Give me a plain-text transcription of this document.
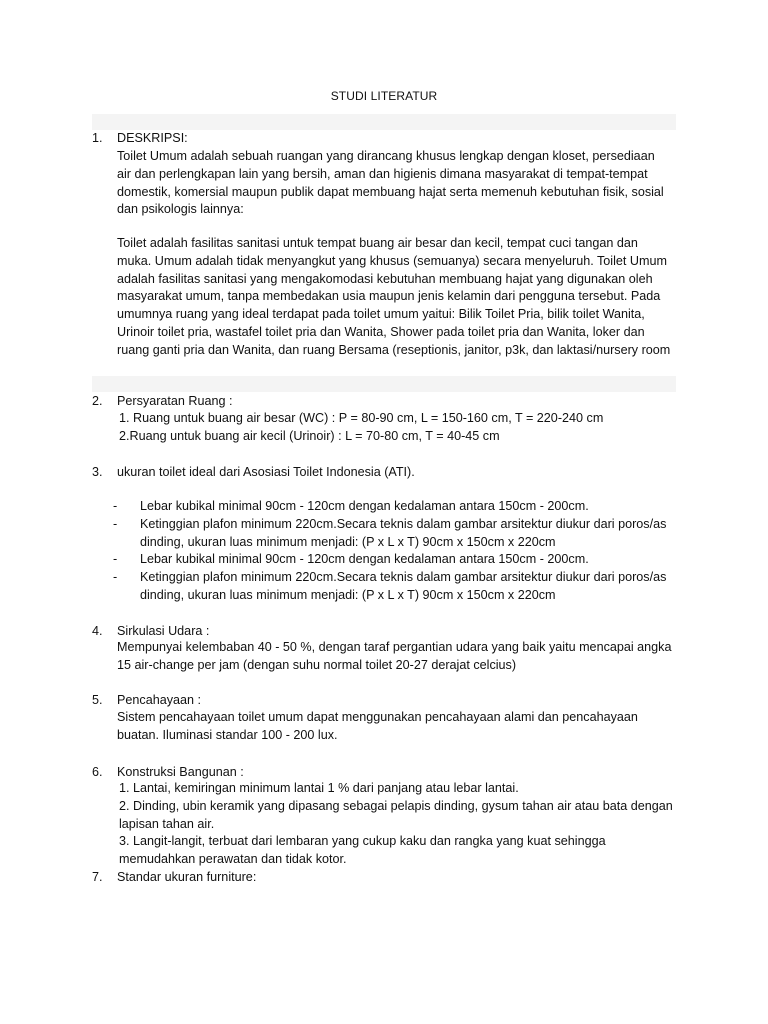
STUDI LITERATUR
1. DESKRIPSI:

Toilet Umum adalah sebuah ruangan yang dirancang khusus lengkap dengan kloset, persediaan air dan perlengkapan lain yang bersih, aman dan higienis dimana masyarakat di tempat-tempat domestik, komersial maupun publik dapat membuang hajat serta memenuh kebutuhan fisik, sosial dan psikologis lainnya:

Toilet adalah fasilitas sanitasi untuk tempat buang air besar dan kecil, tempat cuci tangan dan muka. Umum adalah tidak menyangkut yang khusus (semuanya) secara menyeluruh. Toilet Umum adalah fasilitas sanitasi yang mengakomodasi kebutuhan membuang hajat yang digunakan oleh masyarakat umum, tanpa membedakan usia maupun jenis kelamin dari pengguna tersebut. Pada umumnya ruang yang ideal terdapat pada toilet umum yaitui: Bilik Toilet Pria, bilik toilet Wanita, Urinoir toilet pria, wastafel toilet pria dan Wanita, Shower pada toilet pria dan Wanita, loker dan ruang ganti pria dan Wanita, dan ruang Bersama (reseptionis, janitor, p3k, dan laktasi/nursery room

2. Persyaratan Ruang :

1. Ruang untuk buang air besar (WC) : P = 80-90 cm, L = 150-160 cm, T = 220-240 cm

2.Ruang untuk buang air kecil (Urinoir) : L = 70-80 cm, T = 40-45 cm

3. ukuran toilet ideal dari Asosiasi Toilet Indonesia (ATI).
- Lebar kubikal minimal 90cm - 120cm dengan kedalaman antara 150cm - 200cm.
- Ketinggian plafon minimum 220cm.Secara teknis dalam gambar arsitektur diukur dari poros/as dinding, ukuran luas minimum menjadi: (P x L x T) 90cm x 150cm x 220cm
- Lebar kubikal minimal 90cm - 120cm dengan kedalaman antara 150cm - 200cm.
- Ketinggian plafon minimum 220cm.Secara teknis dalam gambar arsitektur diukur dari poros/as dinding, ukuran luas minimum menjadi: (P x L x T) 90cm x 150cm x 220cm
4. Sirkulasi Udara :

Mempunyai kelembaban 40 - 50 %, dengan taraf pergantian udara yang baik yaitu mencapai angka 15 air-change per jam (dengan suhu normal toilet 20-27 derajat celcius)

5. Pencahayaan :

Sistem pencahayaan toilet umum dapat menggunakan pencahayaan alami dan pencahayaan buatan. Iluminasi standar 100 - 200 lux.

6. Konstruksi Bangunan :

1. Lantai, kemiringan minimum lantai 1 % dari panjang atau lebar lantai.

2. Dinding, ubin keramik yang dipasang sebagai pelapis dinding, gysum tahan air atau bata dengan lapisan tahan air.

3. Langit-langit, terbuat dari lembaran yang cukup kaku dan rangka yang kuat sehingga memudahkan perawatan dan tidak kotor.

7. Standar ukuran furniture:
